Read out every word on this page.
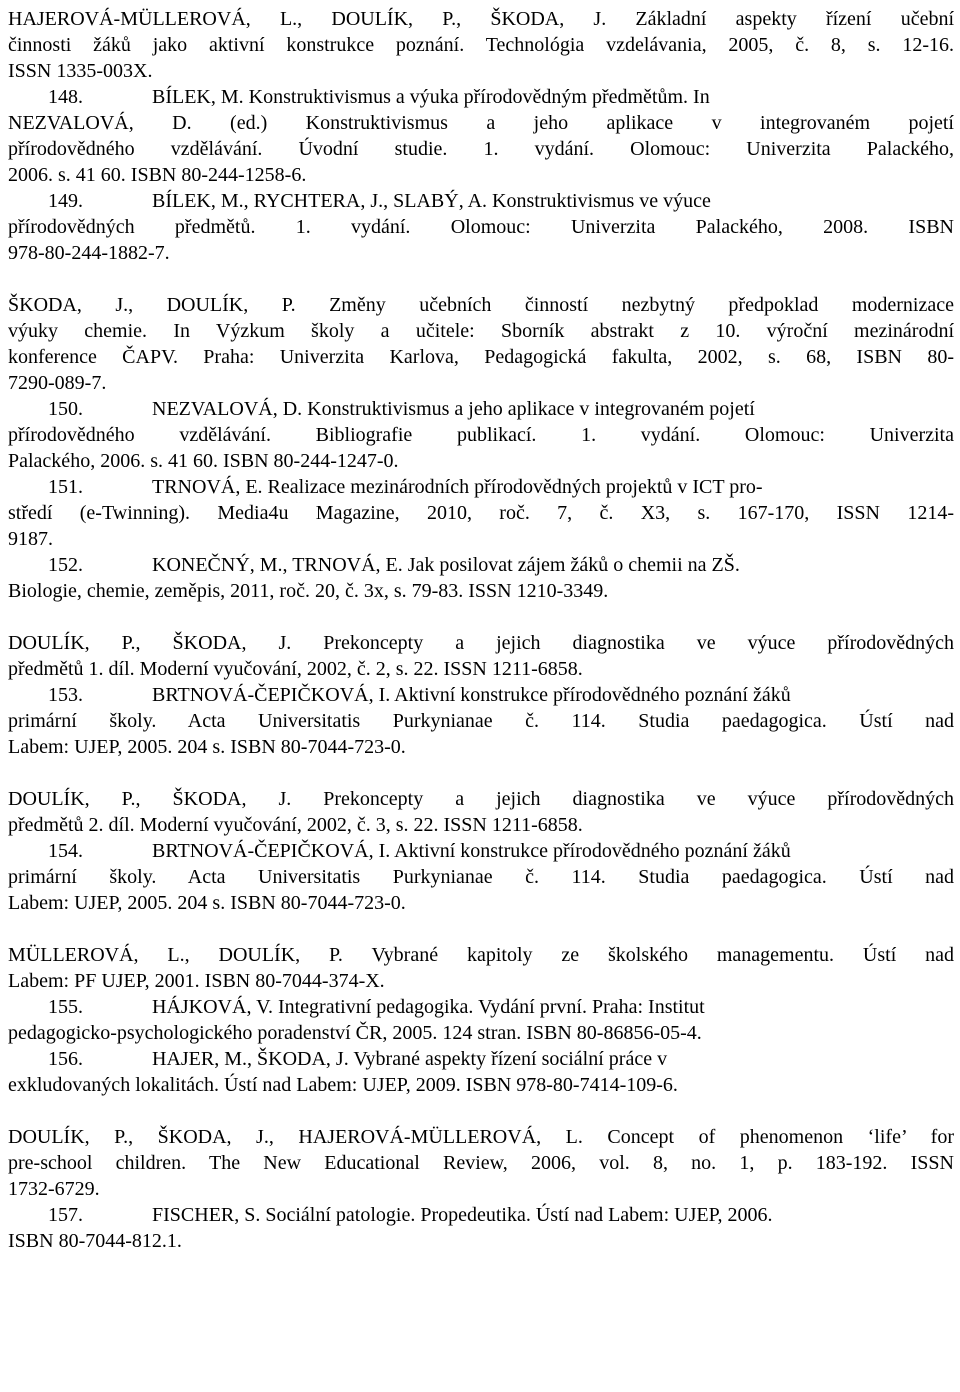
HAJEROVÁ-MÜLLEROVÁ, L., DOULÍK, P., ŠKODA, J. Základní aspekty řízení učební
činnosti žáků jako aktivní konstrukce poznání. Technológia vzdelávania, 2005, č. 8, s. 12-16.
ISSN 1335-003X.
148.	BÍLEK, M. Konstruktivismus a výuka přírodovědným předmětům. In
NEZVALOVÁ, D. (ed.) Konstruktivismus a jeho aplikace v integrovaném pojetí
přírodovědného vzdělávání. Úvodní studie. 1. vydání. Olomouc: Univerzita Palackého,
2006. s. 41 60. ISBN 80-244-1258-6.
149.	BÍLEK, M., RYCHTERA, J., SLABÝ, A. Konstruktivismus ve výuce
přírodovědných předmětů. 1. vydání. Olomouc: Univerzita Palackého, 2008. ISBN
978-80-244-1882-7.
ŠKODA, J., DOULÍK, P. Změny učebních činností nezbytný předpoklad modernizace
výuky chemie. In Výzkum školy a učitele: Sborník abstrakt z 10. výroční mezinárodní
konference ČAPV. Praha: Univerzita Karlova, Pedagogická fakulta, 2002, s. 68, ISBN 80-
7290-089-7.
150.	NEZVALOVÁ, D. Konstruktivismus a jeho aplikace v integrovaném pojetí
přírodovědného vzdělávání. Bibliografie publikací. 1. vydání. Olomouc: Univerzita
Palackého, 2006. s. 41 60. ISBN 80-244-1247-0.
151.	TRNOVÁ, E. Realizace mezinárodních přírodovědných projektů v ICT pro-
středí (e-Twinning). Media4u Magazine, 2010, roč. 7, č. X3, s. 167-170, ISSN 1214-
9187.
152.	KONEČNÝ, M., TRNOVÁ, E. Jak posilovat zájem žáků o chemii na ZŠ.
Biologie, chemie, zeměpis, 2011, roč. 20, č. 3x, s. 79-83. ISSN 1210-3349.
DOULÍK, P., ŠKODA, J. Prekoncepty a jejich diagnostika ve výuce přírodovědných
předmětů 1. díl. Moderní vyučování, 2002, č. 2, s. 22. ISSN 1211-6858.
153.	BRTNOVÁ-ČEPIČKOVÁ, I. Aktivní konstrukce přírodovědného poznání žáků
primární školy. Acta Universitatis Purkynianae č. 114. Studia paedagogica. Ústí nad
Labem: UJEP, 2005. 204 s. ISBN 80-7044-723-0.
DOULÍK, P., ŠKODA, J. Prekoncepty a jejich diagnostika ve výuce přírodovědných
předmětů 2. díl. Moderní vyučování, 2002, č. 3, s. 22. ISSN 1211-6858.
154.	BRTNOVÁ-ČEPIČKOVÁ, I. Aktivní konstrukce přírodovědného poznání žáků
primární školy. Acta Universitatis Purkynianae č. 114. Studia paedagogica. Ústí nad
Labem: UJEP, 2005. 204 s. ISBN 80-7044-723-0.
MÜLLEROVÁ, L., DOULÍK, P. Vybrané kapitoly ze školského managementu. Ústí nad
Labem: PF UJEP, 2001. ISBN 80-7044-374-X.
155.	HÁJKOVÁ, V. Integrativní pedagogika. Vydání první. Praha: Institut
pedagogicko-psychologického poradenství ČR, 2005. 124 stran. ISBN 80-86856-05-4.
156.	HAJER, M., ŠKODA, J. Vybrané aspekty řízení sociální práce v
exkludovaných lokalitách. Ústí nad Labem: UJEP, 2009. ISBN 978-80-7414-109-6.
DOULÍK, P., ŠKODA, J., HAJEROVÁ-MÜLLEROVÁ, L. Concept of phenomenon ‘life’ for
pre-school children. The New Educational Review, 2006, vol. 8, no. 1, p. 183-192. ISSN
1732-6729.
157.	FISCHER, S. Sociální patologie. Propedeutika. Ústí nad Labem: UJEP, 2006.
ISBN 80-7044-812.1.
